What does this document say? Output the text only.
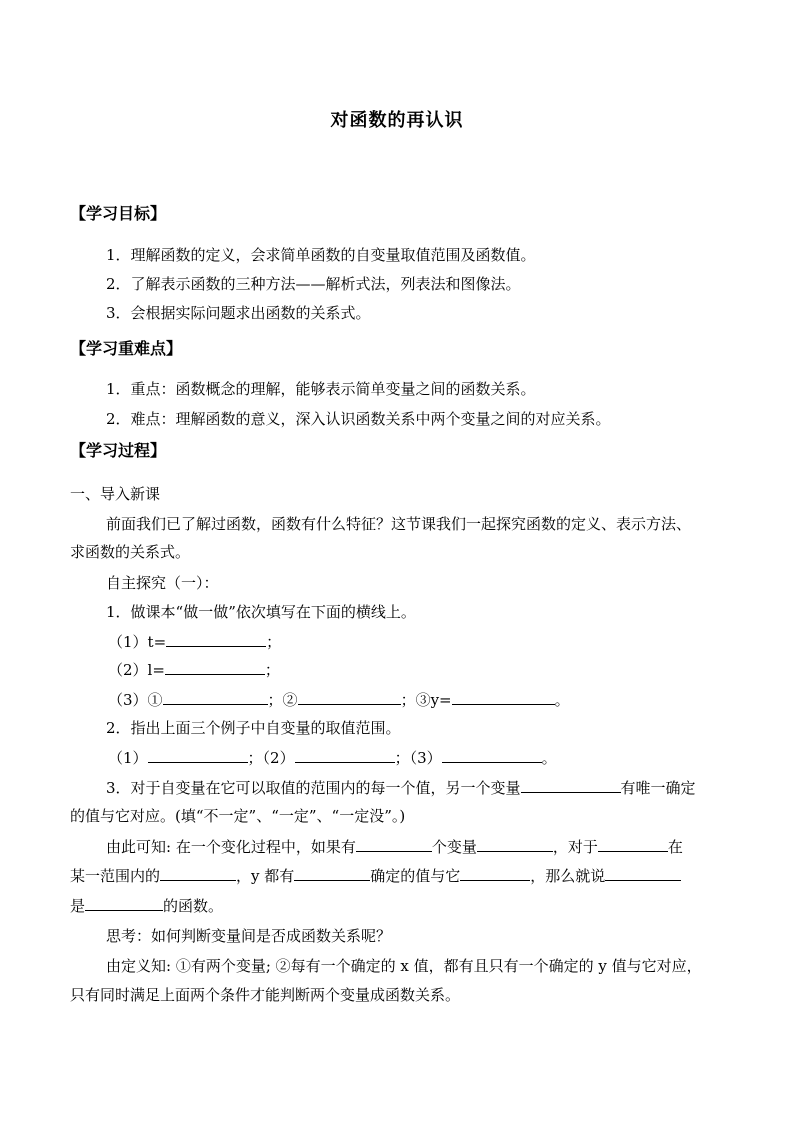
对函数的再认识
【学习目标】
1．理解函数的定义，会求简单函数的自变量取值范围及函数值。
2．了解表示函数的三种方法——解析式法，列表法和图像法。
3．会根据实际问题求出函数的关系式。
【学习重难点】
1．重点：函数概念的理解，能够表示简单变量之间的函数关系。
2．难点：理解函数的意义，深入认识函数关系中两个变量之间的对应关系。
【学习过程】
一、导入新课
前面我们已了解过函数，函数有什么特征？这节课我们一起探究函数的定义、表示方法、
求函数的关系式。
自主探究（一）：
1．做课本“做一做”依次填写在下面的横线上。
（1）t=	；
（2）l=	；
（3）①	；②	；③y=	。
2．指出上面三个例子中自变量的取值范围。
（1）	；（2）	；（3）	。
3．对于自变量在它可以取值的范围内的每一个值，另一个变量	有唯一确定
的值与它对应。(填“不一定”、“一定”、“一定没”。)
由此可知: 在一个变化过程中，如果有	个变量	，对于	在
某一范围内的	，y 都有	确定的值与它	，那么就说
是	的函数。
思考：如何判断变量间是否成函数关系呢？
由定义知: ①有两个变量; ②每有一个确定的 x 值，都有且只有一个确定的 y 值与它对应，
只有同时满足上面两个条件才能判断两个变量成函数关系。
